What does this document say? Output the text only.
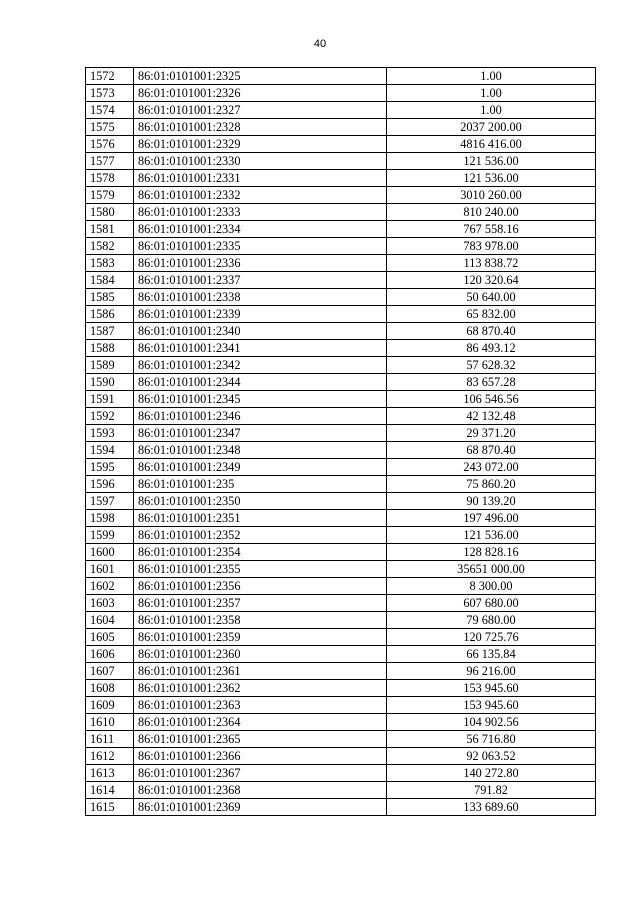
40
1572	86:01:0101001:2325	1.00
1573	86:01:0101001:2326	1.00
1574	86:01:0101001:2327	1.00
1575	86:01:0101001:2328	2037 200.00
1576	86:01:0101001:2329	4816 416.00
1577	86:01:0101001:2330	121 536.00
1578	86:01:0101001:2331	121 536.00
1579	86:01:0101001:2332	3010 260.00
1580	86:01:0101001:2333	810 240.00
1581	86:01:0101001:2334	767 558.16
1582	86:01:0101001:2335	783 978.00
1583	86:01:0101001:2336	113 838.72
1584	86:01:0101001:2337	120 320.64
1585	86:01:0101001:2338	50 640.00
1586	86:01:0101001:2339	65 832.00
1587	86:01:0101001:2340	68 870.40
1588	86:01:0101001:2341	86 493.12
1589	86:01:0101001:2342	57 628.32
1590	86:01:0101001:2344	83 657.28
1591	86:01:0101001:2345	106 546.56
1592	86:01:0101001:2346	42 132.48
1593	86:01:0101001:2347	29 371.20
1594	86:01:0101001:2348	68 870.40
1595	86:01:0101001:2349	243 072.00
1596	86:01:0101001:235	75 860.20
1597	86:01:0101001:2350	90 139.20
1598	86:01:0101001:2351	197 496.00
1599	86:01:0101001:2352	121 536.00
1600	86:01:0101001:2354	128 828.16
1601	86:01:0101001:2355	35651 000.00
1602	86:01:0101001:2356	8 300.00
1603	86:01:0101001:2357	607 680.00
1604	86:01:0101001:2358	79 680.00
1605	86:01:0101001:2359	120 725.76
1606	86:01:0101001:2360	66 135.84
1607	86:01:0101001:2361	96 216.00
1608	86:01:0101001:2362	153 945.60
1609	86:01:0101001:2363	153 945.60
1610	86:01:0101001:2364	104 902.56
1611	86:01:0101001:2365	56 716.80
1612	86:01:0101001:2366	92 063.52
1613	86:01:0101001:2367	140 272.80
1614	86:01:0101001:2368	791.82
1615	86:01:0101001:2369	133 689.60
